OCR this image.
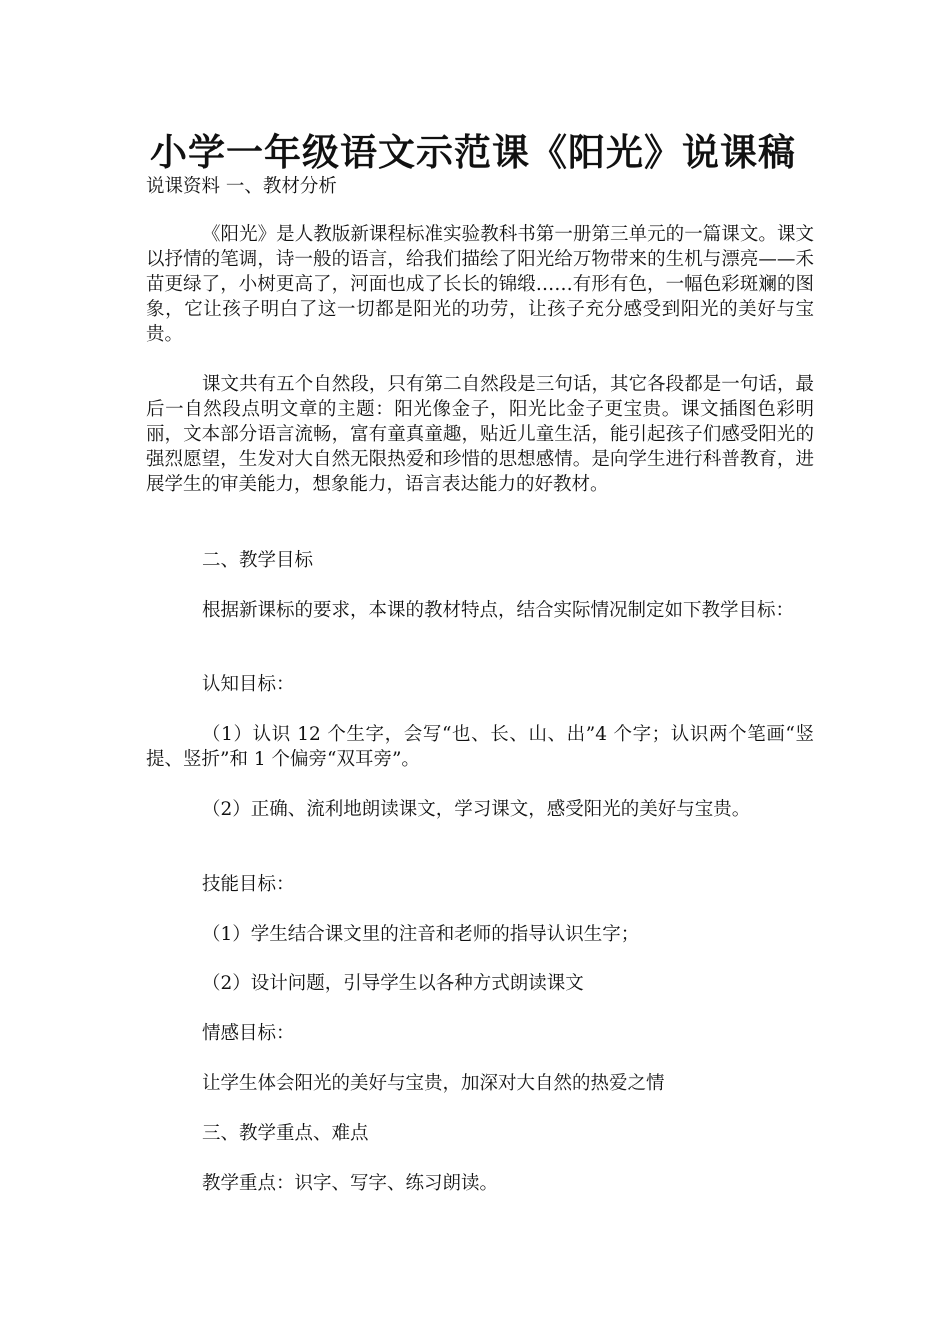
小学一年级语文示范课《阳光》说课稿
说课资料 一、教材分析
《阳光》是人教版新课程标准实验教科书第一册第三单元的一篇课文。课文以抒情的笔调，诗一般的语言，给我们描绘了阳光给万物带来的生机与漂亮——禾苗更绿了，小树更高了，河面也成了长长的锦缎……有形有色，一幅色彩斑斓的图象，它让孩子明白了这一切都是阳光的功劳，让孩子充分感受到阳光的美好与宝贵。
课文共有五个自然段，只有第二自然段是三句话，其它各段都是一句话，最后一自然段点明文章的主题：阳光像金子，阳光比金子更宝贵。课文插图色彩明丽，文本部分语言流畅，富有童真童趣，贴近儿童生活，能引起孩子们感受阳光的强烈愿望，生发对大自然无限热爱和珍惜的思想感情。是向学生进行科普教育，进展学生的审美能力，想象能力，语言表达能力的好教材。
二、教学目标
根据新课标的要求，本课的教材特点，结合实际情况制定如下教学目标：
认知目标：
（1）认识 12 个生字，会写“也、长、山、出”4 个字；认识两个笔画“竖提、竖折”和 1 个偏旁“双耳旁”。
（2）正确、流利地朗读课文，学习课文，感受阳光的美好与宝贵。
技能目标：
（1）学生结合课文里的注音和老师的指导认识生字；
（2）设计问题，引导学生以各种方式朗读课文
情感目标：
让学生体会阳光的美好与宝贵，加深对大自然的热爱之情
三、教学重点、难点
教学重点：识字、写字、练习朗读。
